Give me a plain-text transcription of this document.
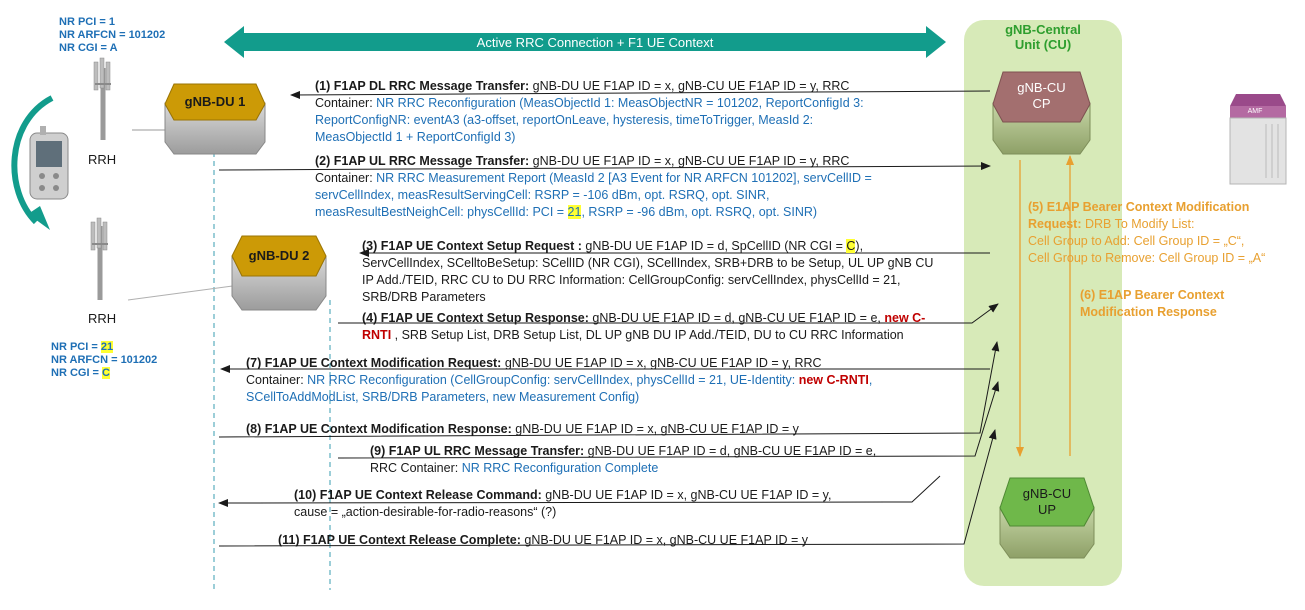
Active RRC Connection + F1 UE Context
NR PCI = 1
NR ARFCN = 101202
NR CGI = A
NR PCI = 21
NR ARFCN = 101202
NR CGI = C
RRH
RRH
gNB-DU 1
gNB-DU 2
gNB-CU
CP
gNB-CU
UP
gNB-Central
Unit (CU)
AMF
(1) F1AP DL RRC Message Transfer: gNB-DU UE F1AP ID = x, gNB-CU UE F1AP ID = y, RRC
Container: NR RRC Reconfiguration (MeasObjectId 1: MeasObjectNR = 101202, ReportConfigId 3:
ReportConfigNR: eventA3 (a3-offset, reportOnLeave, hysteresis, timeToTrigger, MeasId 2:
MeasObjectId 1 + ReportConfigId 3)
(2) F1AP UL RRC Message Transfer: gNB-DU UE F1AP ID = x, gNB-CU UE F1AP ID = y, RRC
Container: NR RRC Measurement Report (MeasId 2 [A3 Event for NR ARFCN 101202], servCellID =
servCellIndex, measResultServingCell: RSRP = -106 dBm, opt. RSRQ, opt. SINR,
measResultBestNeighCell: physCellId: PCI = 21, RSRP = -96 dBm, opt. RSRQ, opt. SINR)
(3) F1AP UE Context Setup Request : gNB-DU UE F1AP ID = d, SpCellID (NR CGI = C),
ServCellIndex, SCelltoBeSetup: SCellID (NR CGI), SCellIndex, SRB+DRB to be Setup, UL UP gNB CU
IP Add./TEID, RRC CU to DU RRC Information: CellGroupConfig: servCellIndex, physCellId = 21,
SRB/DRB Parameters
(4) F1AP UE Context Setup Response: gNB-DU UE F1AP ID = d, gNB-CU UE F1AP ID = e, new C-
RNTI , SRB Setup List, DRB Setup List, DL UP gNB DU IP Add./TEID, DU to CU RRC Information
(5) E1AP Bearer Context Modification
Request: DRB To Modify List:
Cell Group to Add: Cell Group ID = „C“,
Cell Group to Remove: Cell Group ID = „A“
(6) E1AP Bearer Context
Modification Response
(7) F1AP UE Context Modification Request: gNB-DU UE F1AP ID = x, gNB-CU UE F1AP ID = y, RRC
Container: NR RRC Reconfiguration (CellGroupConfig: servCellIndex, physCellId = 21, UE-Identity: new C-RNTI,
SCellToAddModList, SRB/DRB Parameters, new Measurement Config)
(8) F1AP UE Context Modification Response: gNB-DU UE F1AP ID = x, gNB-CU UE F1AP ID = y
(9) F1AP UL RRC Message Transfer: gNB-DU UE F1AP ID = d, gNB-CU UE F1AP ID = e,
RRC Container: NR RRC Reconfiguration Complete
(10) F1AP UE Context Release Command: gNB-DU UE F1AP ID = x, gNB-CU UE F1AP ID = y,
cause = „action-desirable-for-radio-reasons“ (?)
(11) F1AP UE Context Release Complete: gNB-DU UE F1AP ID = x, gNB-CU UE F1AP ID = y
